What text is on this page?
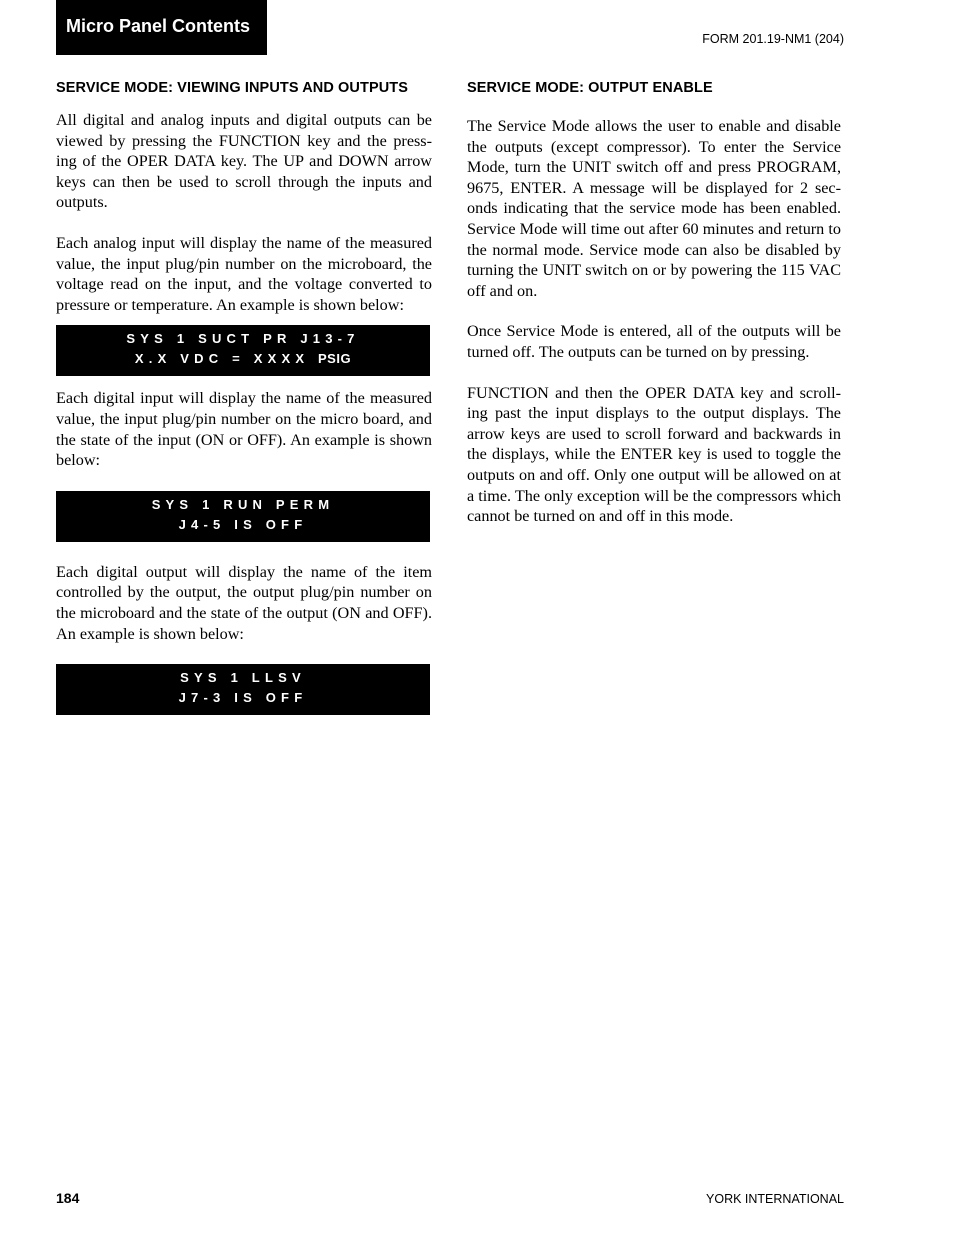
Micro Panel Contents
FORM 201.19-NM1 (204)
SERVICE MODE: VIEWING INPUTS AND OUTPUTS

All digital and analog inputs and digital outputs can be viewed by pressing the FUNCTION key and the press-ing of the OPER DATA key. The UP and DOWN arrow keys can then be used to scroll through the inputs and outputs.

Each analog input will display the name of the measured value, the input plug/pin number on the microboard, the voltage read on the input, and the voltage converted to pressure or temperature. An example is shown below:

SYS 1 SUCT PR J13-7
X.X VDC = XXXX PSIG

Each digital input will display the name of the measured value, the input plug/pin number on the micro board, and the state of the input (ON or OFF). An example is shown below:

SYS 1 RUN PERM
J4-5 IS OFF

Each digital output will display the name of the item controlled by the output, the output plug/pin number on the microboard and the state of the output (ON and OFF). An example is shown below:

SYS 1 LLSV
J7-3 IS OFF
SERVICE MODE: OUTPUT ENABLE

The Service Mode allows the user to enable and disable the outputs (except compressor). To enter the Service Mode, turn the UNIT switch off and press PROGRAM, 9675, ENTER. A message will be displayed for 2 sec-onds indicating that the service mode has been enabled. Service Mode will time out after 60 minutes and return to the normal mode. Service mode can also be disabled by turning the UNIT switch on or by powering the 115 VAC off and on.

Once Service Mode is entered, all of the outputs will be turned off. The outputs can be turned on by pressing.

FUNCTION and then the OPER DATA key and scroll-ing past the input displays to the output displays. The arrow keys are used to scroll forward and backwards in the displays, while the ENTER key is used to toggle the outputs on and off. Only one output will be allowed on at a time. The only exception will be the compressors which cannot be turned on and off in this mode.

184	YORK INTERNATIONAL
